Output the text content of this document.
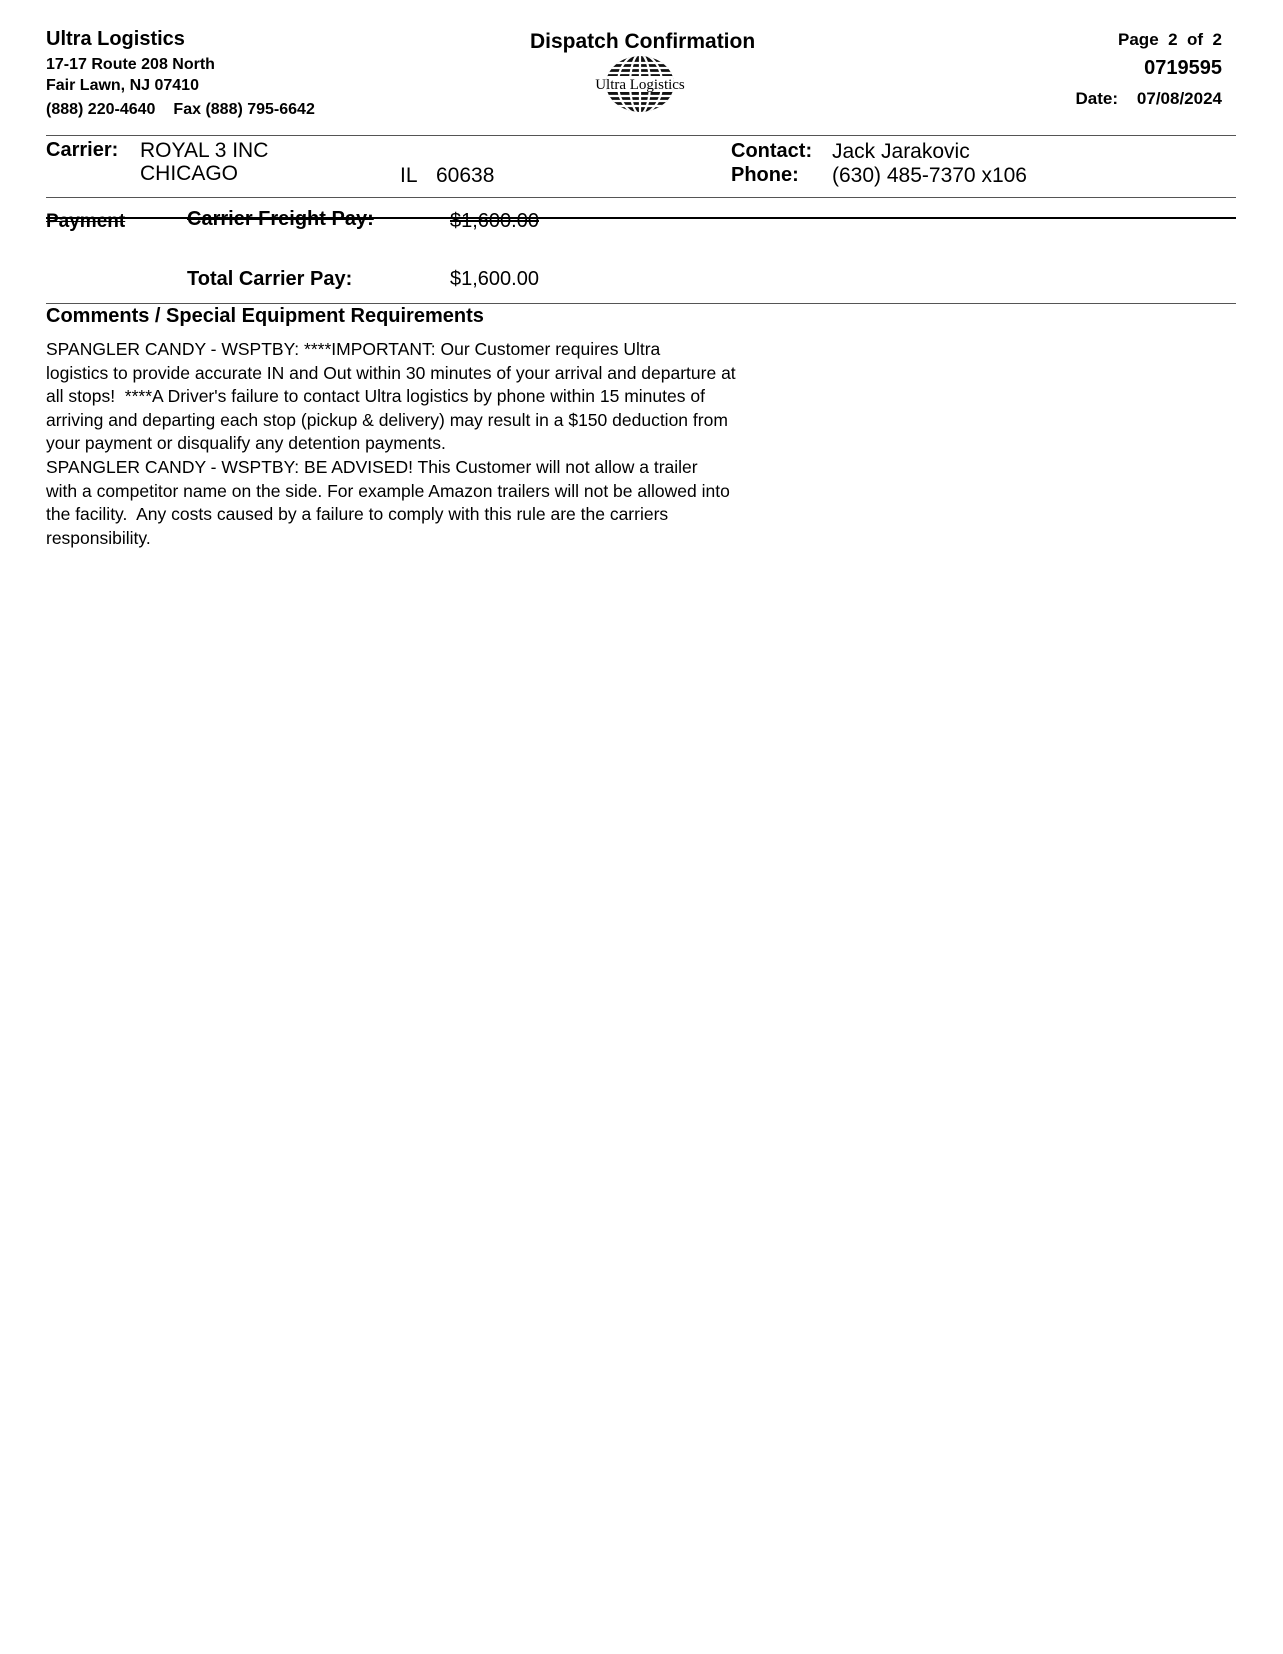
Ultra Logistics
17-17 Route 208 North
Fair Lawn, NJ 07410
(888) 220-4640 Fax (888) 795-6642
Dispatch Confirmation
Ultra Logistics
Page 2 of 2
0719595
Date: 07/08/2024
Carrier: ROYAL 3 INC
CHICAGO	IL 60638
Contact: Jack Jarakovic
Phone: (630) 485-7370 x106
Payment	Carrier Freight Pay:	$1,600.00
Total Carrier Pay:	$1,600.00
Comments / Special Equipment Requirements
SPANGLER CANDY - WSPTBY: ****IMPORTANT: Our Customer requires Ultra
logistics to provide accurate IN and Out within 30 minutes of your arrival and departure at
all stops!  ****A Driver's failure to contact Ultra logistics by phone within 15 minutes of
arriving and departing each stop (pickup & delivery) may result in a $150 deduction from
your payment or disqualify any detention payments.
SPANGLER CANDY - WSPTBY: BE ADVISED! This Customer will not allow a trailer
with a competitor name on the side. For example Amazon trailers will not be allowed into
the facility.  Any costs caused by a failure to comply with this rule are the carriers
responsibility.
